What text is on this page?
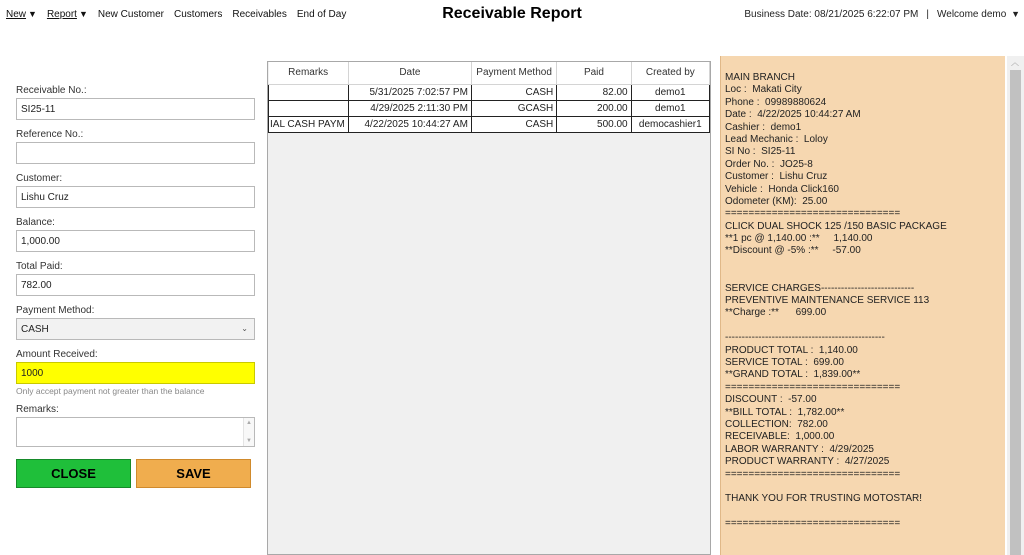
New ▼ Report ▼ New Customer Customers Receivables End of Day	Receivable Report	Business Date: 08/21/2025 6:22:07 PM | Welcome demo ▼
Receivable No.:
SI25-11
Reference No.:
Customer:
Lishu Cruz
Balance:
1,000.00
Total Paid:
782.00
Payment Method:
CASH	⌄
Amount Received:
1000
Only accept payment not greater than the balance
Remarks:
▲

▼
CLOSE	SAVE
Remarks	Date	Payment Method	Paid	Created by
	5/31/2025 7:02:57 PM	CASH	82.00	demo1
	4/29/2025 2:11:30 PM	GCASH	200.00	demo1
IAL CASH PAYM	4/22/2025 10:44:27 AM	CASH	500.00	democashier1
MAIN BRANCH
Loc :  Makati City
Phone :  09989880624
Date :  4/22/2025 10:44:27 AM
Cashier :  demo1
Lead Mechanic :  Loloy
SI No :  SI25-11
Order No. :  JO25-8
Customer :  Lishu Cruz
Vehicle :  Honda Click160
Odometer (KM):  25.00
==============================
CLICK DUAL SHOCK 125 /150 BASIC PACKAGE
**1 pc @ 1,140.00 :**     1,140.00
**Discount @ -5% :**     -57.00
SERVICE CHARGES----------------------------
PREVENTIVE MAINTENANCE SERVICE 113
**Charge :**      699.00
------------------------------------------------
PRODUCT TOTAL :  1,140.00
SERVICE TOTAL :  699.00
**GRAND TOTAL :  1,839.00**
==============================
DISCOUNT :  -57.00
**BILL TOTAL :  1,782.00**
COLLECTION:  782.00
RECEIVABLE:  1,000.00
LABOR WARRANTY :  4/29/2025
PRODUCT WARRANTY :  4/27/2025
==============================
THANK YOU FOR TRUSTING MOTOSTAR!
==============================
︿
